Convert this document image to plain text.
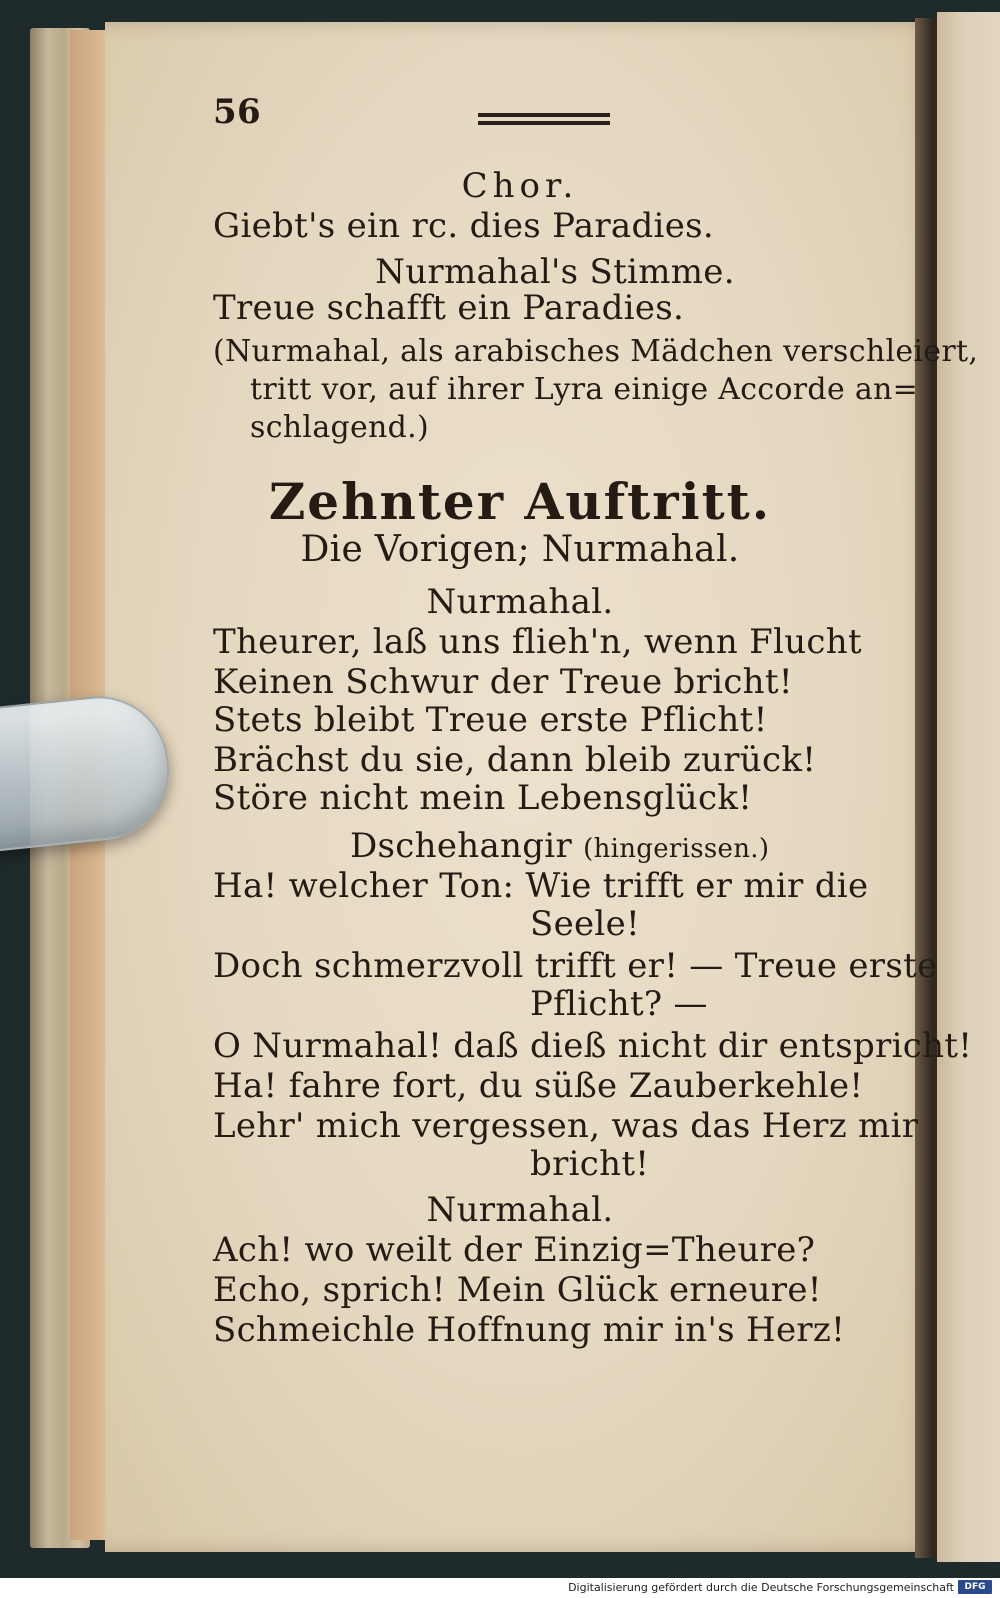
56
Chor.
Giebt's ein rc. dies Paradies.
Nurmahal's Stimme.
Treue schafft ein Paradies.
(Nurmahal, als arabisches Mädchen verschleiert,
tritt vor, auf ihrer Lyra einige Accorde an=
schlagend.)
Zehnter Auftritt.
Die Vorigen; Nurmahal.
Nurmahal.
Theurer, laß uns flieh'n, wenn Flucht
Keinen Schwur der Treue bricht!
Stets bleibt Treue erste Pflicht!
Brächst du sie, dann bleib zurück!
Störe nicht mein Lebensglück!
Dschehangir (hingerissen.)
Ha! welcher Ton: Wie trifft er mir die
Seele!
Doch schmerzvoll trifft er! — Treue erste
Pflicht? —
O Nurmahal! daß dieß nicht dir entspricht!
Ha! fahre fort, du süße Zauberkehle!
Lehr' mich vergessen, was das Herz mir
bricht!
Nurmahal.
Ach! wo weilt der Einzig=Theure?
Echo, sprich! Mein Glück erneure!
Schmeichle Hoffnung mir in's Herz!
Digitalisierung gefördert durch die Deutsche Forschungsgemeinschaft	DFG
